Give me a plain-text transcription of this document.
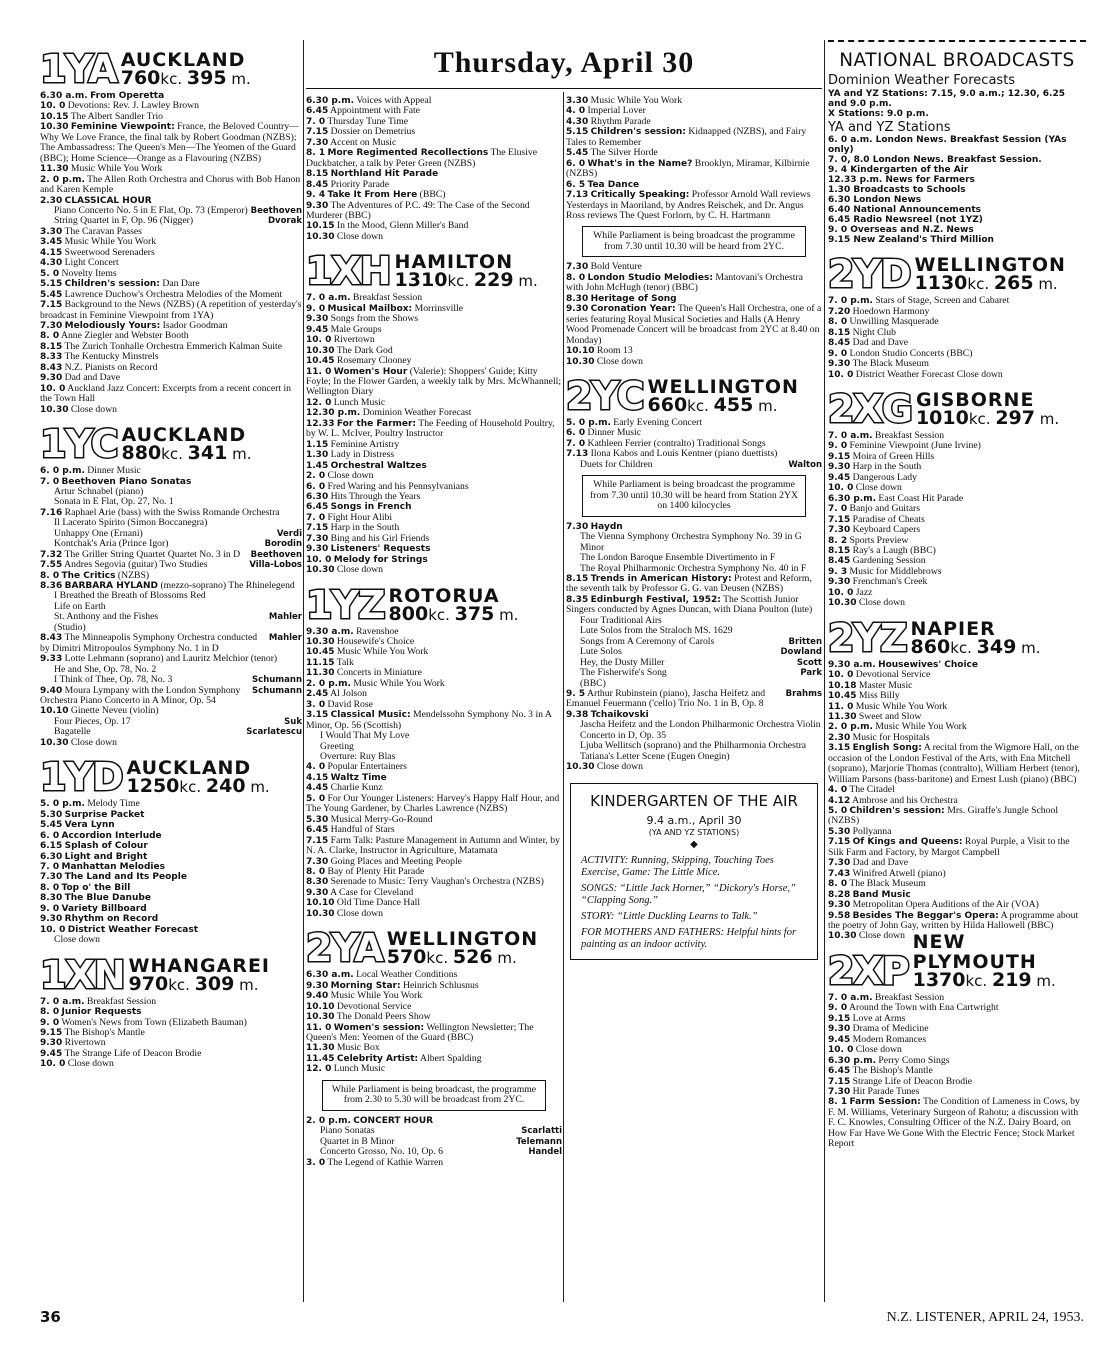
Thursday, April 30
1YA AUCKLAND
760kc. 395 m.
6.30 a.m. From Operetta
10. 0 Devotions: Rev. J. Lawley Brown
10.15 The Albert Sandler Trio
10.30 Feminine Viewpoint: France, the Beloved Country—Why We Love France, the final talk by Robert Goodman (NZBS); The Ambassadress: The Queen's Men—The Yeomen of the Guard (BBC); Home Science—Orange as a Flavouring (NZBS)
11.30 Music While You Work
2. 0 p.m. The Allen Roth Orchestra and Chorus with Bob Hanon and Karen Kemple
2.30 CLASSICAL HOUR
Beethoven
Piano Concerto No. 5 in E Flat, Op. 73 (Emperor)
Dvorak
String Quartet in F, Op. 96 (Nigger)
3.30 The Caravan Passes
3.45 Music While You Work
4.15 Sweetwood Serenaders
4.30 Light Concert
5. 0 Novelty Items
5.15 Children's session: Dan Dare
5.45 Lawrence Duchow's Orchestra Melodies of the Moment
7.15 Background to the News (NZBS) (A repetition of yesterday's broadcast in Feminine Viewpoint from 1YA)
7.30 Melodiously Yours: Isador Goodman
8. 0 Anne Ziegler and Webster Booth
8.15 The Zurich Tonhalle Orchestra Emmerich Kalman Suite
8.33 The Kentucky Minstrels
8.43 N.Z. Pianists on Record
9.30 Dad and Dave
10. 0 Auckland Jazz Concert: Excerpts from a recent concert in the Town Hall
10.30 Close down
1YC AUCKLAND
880kc. 341 m.
6. 0 p.m. Dinner Music
7. 0 Beethoven Piano Sonatas
Artur Schnabel (piano)
Sonata in E Flat, Op. 27, No. 1
7.16 Raphael Arie (bass) with the Swiss Romande Orchestra
Il Lacerato Spirito (Simon Boccanegra)
Verdi
Unhappy One (Ernani)
Borodin
Kontchak's Aria (Prince Igor)
Beethoven
7.32 The Griller String Quartet Quartet No. 3 in D
Villa-Lobos
7.55 Andres Segovia (guitar) Two Studies
8. 0 The Critics (NZBS)
8.36 BARBARA HYLAND (mezzo-soprano) The Rhinelegend
I Breathed the Breath of Blossoms Red
Life on Earth
Mahler
St. Anthony and the Fishes
(Studio)
Mahler
8.43 The Minneapolis Symphony Orchestra conducted by Dimitri Mitropoulos Symphony No. 1 in D
9.33 Lotte Lehmann (soprano) and Lauritz Melchior (tenor)
He and She, Op. 78, No. 2
Schumann
I Think of Thee, Op. 78, No. 3
Schumann
9.40 Moura Lympany with the London Symphony Orchestra Piano Concerto in A Minor, Op. 54
10.10 Ginette Neveu (violin)
Suk
Four Pieces, Op. 17
Scarlatescu
Bagatelle
10.30 Close down
1YD AUCKLAND
1250kc. 240 m.
5. 0 p.m. Melody Time
5.30 Surprise Packet
5.45 Vera Lynn
6. 0 Accordion Interlude
6.15 Splash of Colour
6.30 Light and Bright
7. 0 Manhattan Melodies
7.30 The Land and Its People
8. 0 Top o' the Bill
8.30 The Blue Danube
9. 0 Variety Billboard
9.30 Rhythm on Record
10. 0 District Weather Forecast
Close down
1XN WHANGAREI
970kc. 309 m.
7. 0 a.m. Breakfast Session
8. 0 Junior Requests
9. 0 Women's News from Town (Elizabeth Bauman)
9.15 The Bishop's Mantle
9.30 Rivertown
9.45 The Strange Life of Deacon Brodie
10. 0 Close down
6.30 p.m. Voices with Appeal
6.45 Appointment with Fate
7. 0 Thursday Tune Time
7.15 Dossier on Demetrius
7.30 Accent on Music
8. 1 More Regimented Recollections The Elusive Duckbatcher, a talk by Peter Green (NZBS)
8.15 Northland Hit Parade
8.45 Priority Parade
9. 4 Take It From Here (BBC)
9.30 The Adventures of P.C. 49: The Case of the Second Murderer (BBC)
10.15 In the Mood, Glenn Miller's Band
10.30 Close down
1XH HAMILTON
1310kc. 229 m.
7. 0 a.m. Breakfast Session
9. 0 Musical Mailbox: Morrinsville
9.30 Songs from the Shows
9.45 Male Groups
10. 0 Rivertown
10.30 The Dark God
10.45 Rosemary Clooney
11. 0 Women's Hour (Valerie): Shoppers' Guide; Kitty Foyle; In the Flower Garden, a weekly talk by Mrs. McWhannell; Wellington Diary
12. 0 Lunch Music
12.30 p.m. Dominion Weather Forecast
12.33 For the Farmer: The Feeding of Household Poultry, by W. L. McIver, Poultry Instructor
1.15 Feminine Artistry
1.30 Lady in Distress
1.45 Orchestral Waltzes
2. 0 Close down
6. 0 Fred Waring and his Pennsylvanians
6.30 Hits Through the Years
6.45 Songs in French
7. 0 Fight Hour Alibi
7.15 Harp in the South
7.30 Bing and his Girl Friends
9.30 Listeners' Requests
10. 0 Melody for Strings
10.30 Close down
1YZ ROTORUA
800kc. 375 m.
9.30 a.m. Ravenshoe
10.30 Housewife's Choice
10.45 Music While You Work
11.15 Talk
11.30 Concerts in Miniature
2. 0 p.m. Music While You Work
2.45 Al Jolson
3. 0 David Rose
3.15 Classical Music: Mendelssohn Symphony No. 3 in A Minor, Op. 56 (Scottish)
I Would That My Love
Greeting
Overture: Ruy Blas
4. 0 Popular Entertainers
4.15 Waltz Time
4.45 Charlie Kunz
5. 0 For Our Younger Listeners: Harvey's Happy Half Hour, and The Young Gardener, by Charles Lawrence (NZBS)
5.30 Musical Merry-Go-Round
6.45 Handful of Stars
7.15 Farm Talk: Pasture Management in Autumn and Winter, by N. A. Clarke, Instructor in Agriculture, Matamata
7.30 Going Places and Meeting People
8. 0 Bay of Plenty Hit Parade
8.30 Serenade to Music: Terry Vaughan's Orchestra (NZBS)
9.30 A Case for Cleveland
10.10 Old Time Dance Hall
10.30 Close down
2YA WELLINGTON
570kc. 526 m.
6.30 a.m. Local Weather Conditions
9.30 Morning Star: Heinrich Schlusnus
9.40 Music While You Work
10.10 Devotional Service
10.30 The Donald Peers Show
11. 0 Women's session: Wellington Newsletter; The Queen's Men: Yeomen of the Guard (BBC)
11.30 Music Box
11.45 Celebrity Artist: Albert Spalding
12. 0 Lunch Music
While Parliament is being broadcast, the programme from 2.30 to 5.30 will be broadcast from 2YC.
2. 0 p.m. CONCERT HOUR
Scarlatti
Piano Sonatas
Telemann
Quartet in B Minor
Handel
Concerto Grosso, No. 10, Op. 6
3. 0 The Legend of Kathie Warren
3.30 Music While You Work
4. 0 Imperial Lover
4.30 Rhythm Parade
5.15 Children's session: Kidnapped (NZBS), and Fairy Tales to Remember
5.45 The Silver Horde
6. 0 What's in the Name? Brooklyn, Miramar, Kilbirnie (NZBS)
6. 5 Tea Dance
7.13 Critically Speaking: Professor Arnold Wall reviews Yesterdays in Maoriland, by Andres Reischek, and Dr. Angus Ross reviews The Quest Forlorn, by C. H. Hartmann
While Parliament is being broadcast the programme from 7.30 until 10.30 will be heard from 2YC.
7.30 Bold Venture
8. 0 London Studio Melodies: Mantovani's Orchestra with John McHugh (tenor) (BBC)
8.30 Heritage of Song
9.30 Coronation Year: The Queen's Hall Orchestra, one of a series featuring Royal Musical Societies and Halls (A Henry Wood Promenade Concert will be broadcast from 2YC at 8.40 on Monday)
10.10 Room 13
10.30 Close down
2YC WELLINGTON
660kc. 455 m.
5. 0 p.m. Early Evening Concert
6. 0 Dinner Music
7. 0 Kathleen Ferrier (contralto) Traditional Songs
7.13 Ilona Kabos and Louis Kentner (piano duettists)
Walton
Duets for Children
While Parliament is being broadcast the programme from 7.30 until 10.30 will be heard from Station 2YX on 1400 kilocycles
7.30 Haydn
The Vienna Symphony Orchestra Symphony No. 39 in G Minor
The London Baroque Ensemble Divertimento in F
The Royal Philharmonic Orchestra Symphony No. 40 in F
8.15 Trends in American History: Protest and Reform, the seventh talk by Professor G. G. van Deusen (NZBS)
8.35 Edinburgh Festival, 1952: The Scottish Junior Singers conducted by Agnes Duncan, with Diana Poulton (lute)
Four Traditional Airs
Lute Solos from the Straloch MS. 1629
Britten
Songs from A Ceremony of Carols
Dowland
Lute Solos
Scott
Hey, the Dusty Miller
Park
The Fisherwife's Song
(BBC)
Brahms
9. 5 Arthur Rubinstein (piano), Jascha Heifetz and Emanuel Feuermann ('cello) Trio No. 1 in B, Op. 8
9.38 Tchaikovski
Jascha Heifetz and the London Philharmonic Orchestra Violin Concerto in D, Op. 35
Ljuba Wellitsch (soprano) and the Philharmonia Orchestra
Tatiana's Letter Scene (Eugen Onegin)
10.30 Close down
KINDERGARTEN OF THE AIR
9.4 a.m., April 30
(YA AND YZ STATIONS)
◆
ACTIVITY: Running, Skipping, Touching Toes Exercise, Game: The Little Mice.
SONGS: “Little Jack Horner,” “Dickory's Horse,” “Clapping Song.”
STORY: “Little Duckling Learns to Talk.”
FOR MOTHERS AND FATHERS: Helpful hints for painting as an indoor activity.
NATIONAL BROADCASTS
Dominion Weather Forecasts
YA and YZ Stations: 7.15, 9.0 a.m.; 12.30, 6.25 and 9.0 p.m.
X Stations: 9.0 p.m.
YA and YZ Stations
6. 0 a.m. London News. Breakfast Session (YAs only)
7. 0, 8.0 London News. Breakfast Session.
9. 4 Kindergarten of the Air
12.33 p.m. News for Farmers
1.30 Broadcasts to Schools
6.30 London News
6.40 National Announcements
6.45 Radio Newsreel (not 1YZ)
9. 0 Overseas and N.Z. News
9.15 New Zealand's Third Million
2YD WELLINGTON
1130kc. 265 m.
7. 0 p.m. Stars of Stage, Screen and Cabaret
7.20 Hoedown Harmony
8. 0 Unwilling Masquerade
8.15 Night Club
8.45 Dad and Dave
9. 0 London Studio Concerts (BBC)
9.30 The Black Museum
10. 0 District Weather Forecast Close down
2XG GISBORNE
1010kc. 297 m.
7. 0 a.m. Breakfast Session
9. 0 Feminine Viewpoint (June Irvine)
9.15 Moira of Green Hills
9.30 Harp in the South
9.45 Dangerous Lady
10. 0 Close down
6.30 p.m. East Coast Hit Parade
7. 0 Banjo and Guitars
7.15 Paradise of Cheats
7.30 Keyboard Capers
8. 2 Sports Preview
8.15 Ray's a Laugh (BBC)
8.45 Gardening Session
9. 3 Music for Middlebrows
9.30 Frenchman's Creek
10. 0 Jazz
10.30 Close down
2YZ NAPIER
860kc. 349 m.
9.30 a.m. Housewives' Choice
10. 0 Devotional Service
10.18 Master Music
10.45 Miss Billy
11. 0 Music While You Work
11.30 Sweet and Slow
2. 0 p.m. Music While You Work
2.30 Music for Hospitals
3.15 English Song: A recital from the Wigmore Hall, on the occasion of the London Festival of the Arts, with Ena Mitchell (soprano), Marjorie Thomas (contralto), William Herbert (tenor), William Parsons (bass-baritone) and Ernest Lush (piano) (BBC)
4. 0 The Citadel
4.12 Ambrose and his Orchestra
5. 0 Children's session: Mrs. Giraffe's Jungle School (NZBS)
5.30 Pollyanna
7.15 Of Kings and Queens: Royal Purple, a Visit to the Silk Farm and Factory, by Margot Campbell
7.30 Dad and Dave
7.43 Winifred Atwell (piano)
8. 0 The Black Museum
8.28 Band Music
9.30 Metropolitan Opera Auditions of the Air (VOA)
9.58 Besides The Beggar's Opera: A programme about the poetry of John Gay, written by Hilda Hallowell (BBC)
10.30 Close down
2XP
NEW PLYMOUTH
1370kc. 219 m.
7. 0 a.m. Breakfast Session
9. 0 Around the Town with Ena Cartwright
9.15 Love at Arms
9.30 Drama of Medicine
9.45 Modern Romances
10. 0 Close down
6.30 p.m. Perry Como Sings
6.45 The Bishop's Mantle
7.15 Strange Life of Deacon Brodie
7.30 Hit Parade Tunes
8. 1 Farm Session: The Condition of Lameness in Cows, by F. M. Williams, Veterinary Surgeon of Rahotu; a discussion with F. C. Knowles, Consulting Officer of the N.Z. Dairy Board, on How Far Have We Gone With the Electric Fence; Stock Market Report
36	N.Z. LISTENER, APRIL 24, 1953.
